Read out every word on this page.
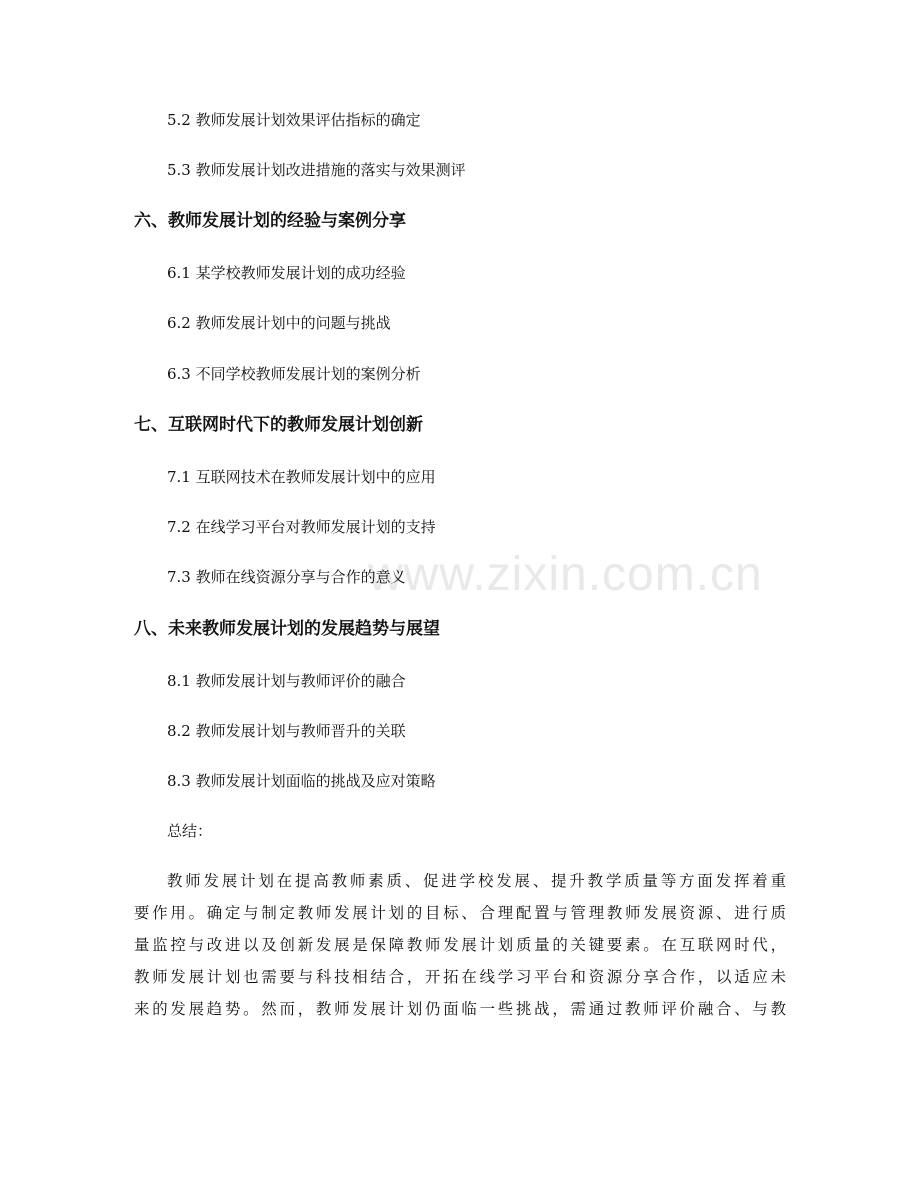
www.zixin.com.cn
5.2 教师发展计划效果评估指标的确定
5.3 教师发展计划改进措施的落实与效果测评
六、教师发展计划的经验与案例分享
6.1 某学校教师发展计划的成功经验
6.2 教师发展计划中的问题与挑战
6.3 不同学校教师发展计划的案例分析
七、互联网时代下的教师发展计划创新
7.1 互联网技术在教师发展计划中的应用
7.2 在线学习平台对教师发展计划的支持
7.3 教师在线资源分享与合作的意义
八、未来教师发展计划的发展趋势与展望
8.1 教师发展计划与教师评价的融合
8.2 教师发展计划与教师晋升的关联
8.3 教师发展计划面临的挑战及应对策略
总结：
教师发展计划在提高教师素质、促进学校发展、提升教学质量等方面发挥着重
要作用。确定与制定教师发展计划的目标、合理配置与管理教师发展资源、进行质
量监控与改进以及创新发展是保障教师发展计划质量的关键要素。在互联网时代，
教师发展计划也需要与科技相结合，开拓在线学习平台和资源分享合作，以适应未
来的发展趋势。然而，教师发展计划仍面临一些挑战，需通过教师评价融合、与教
